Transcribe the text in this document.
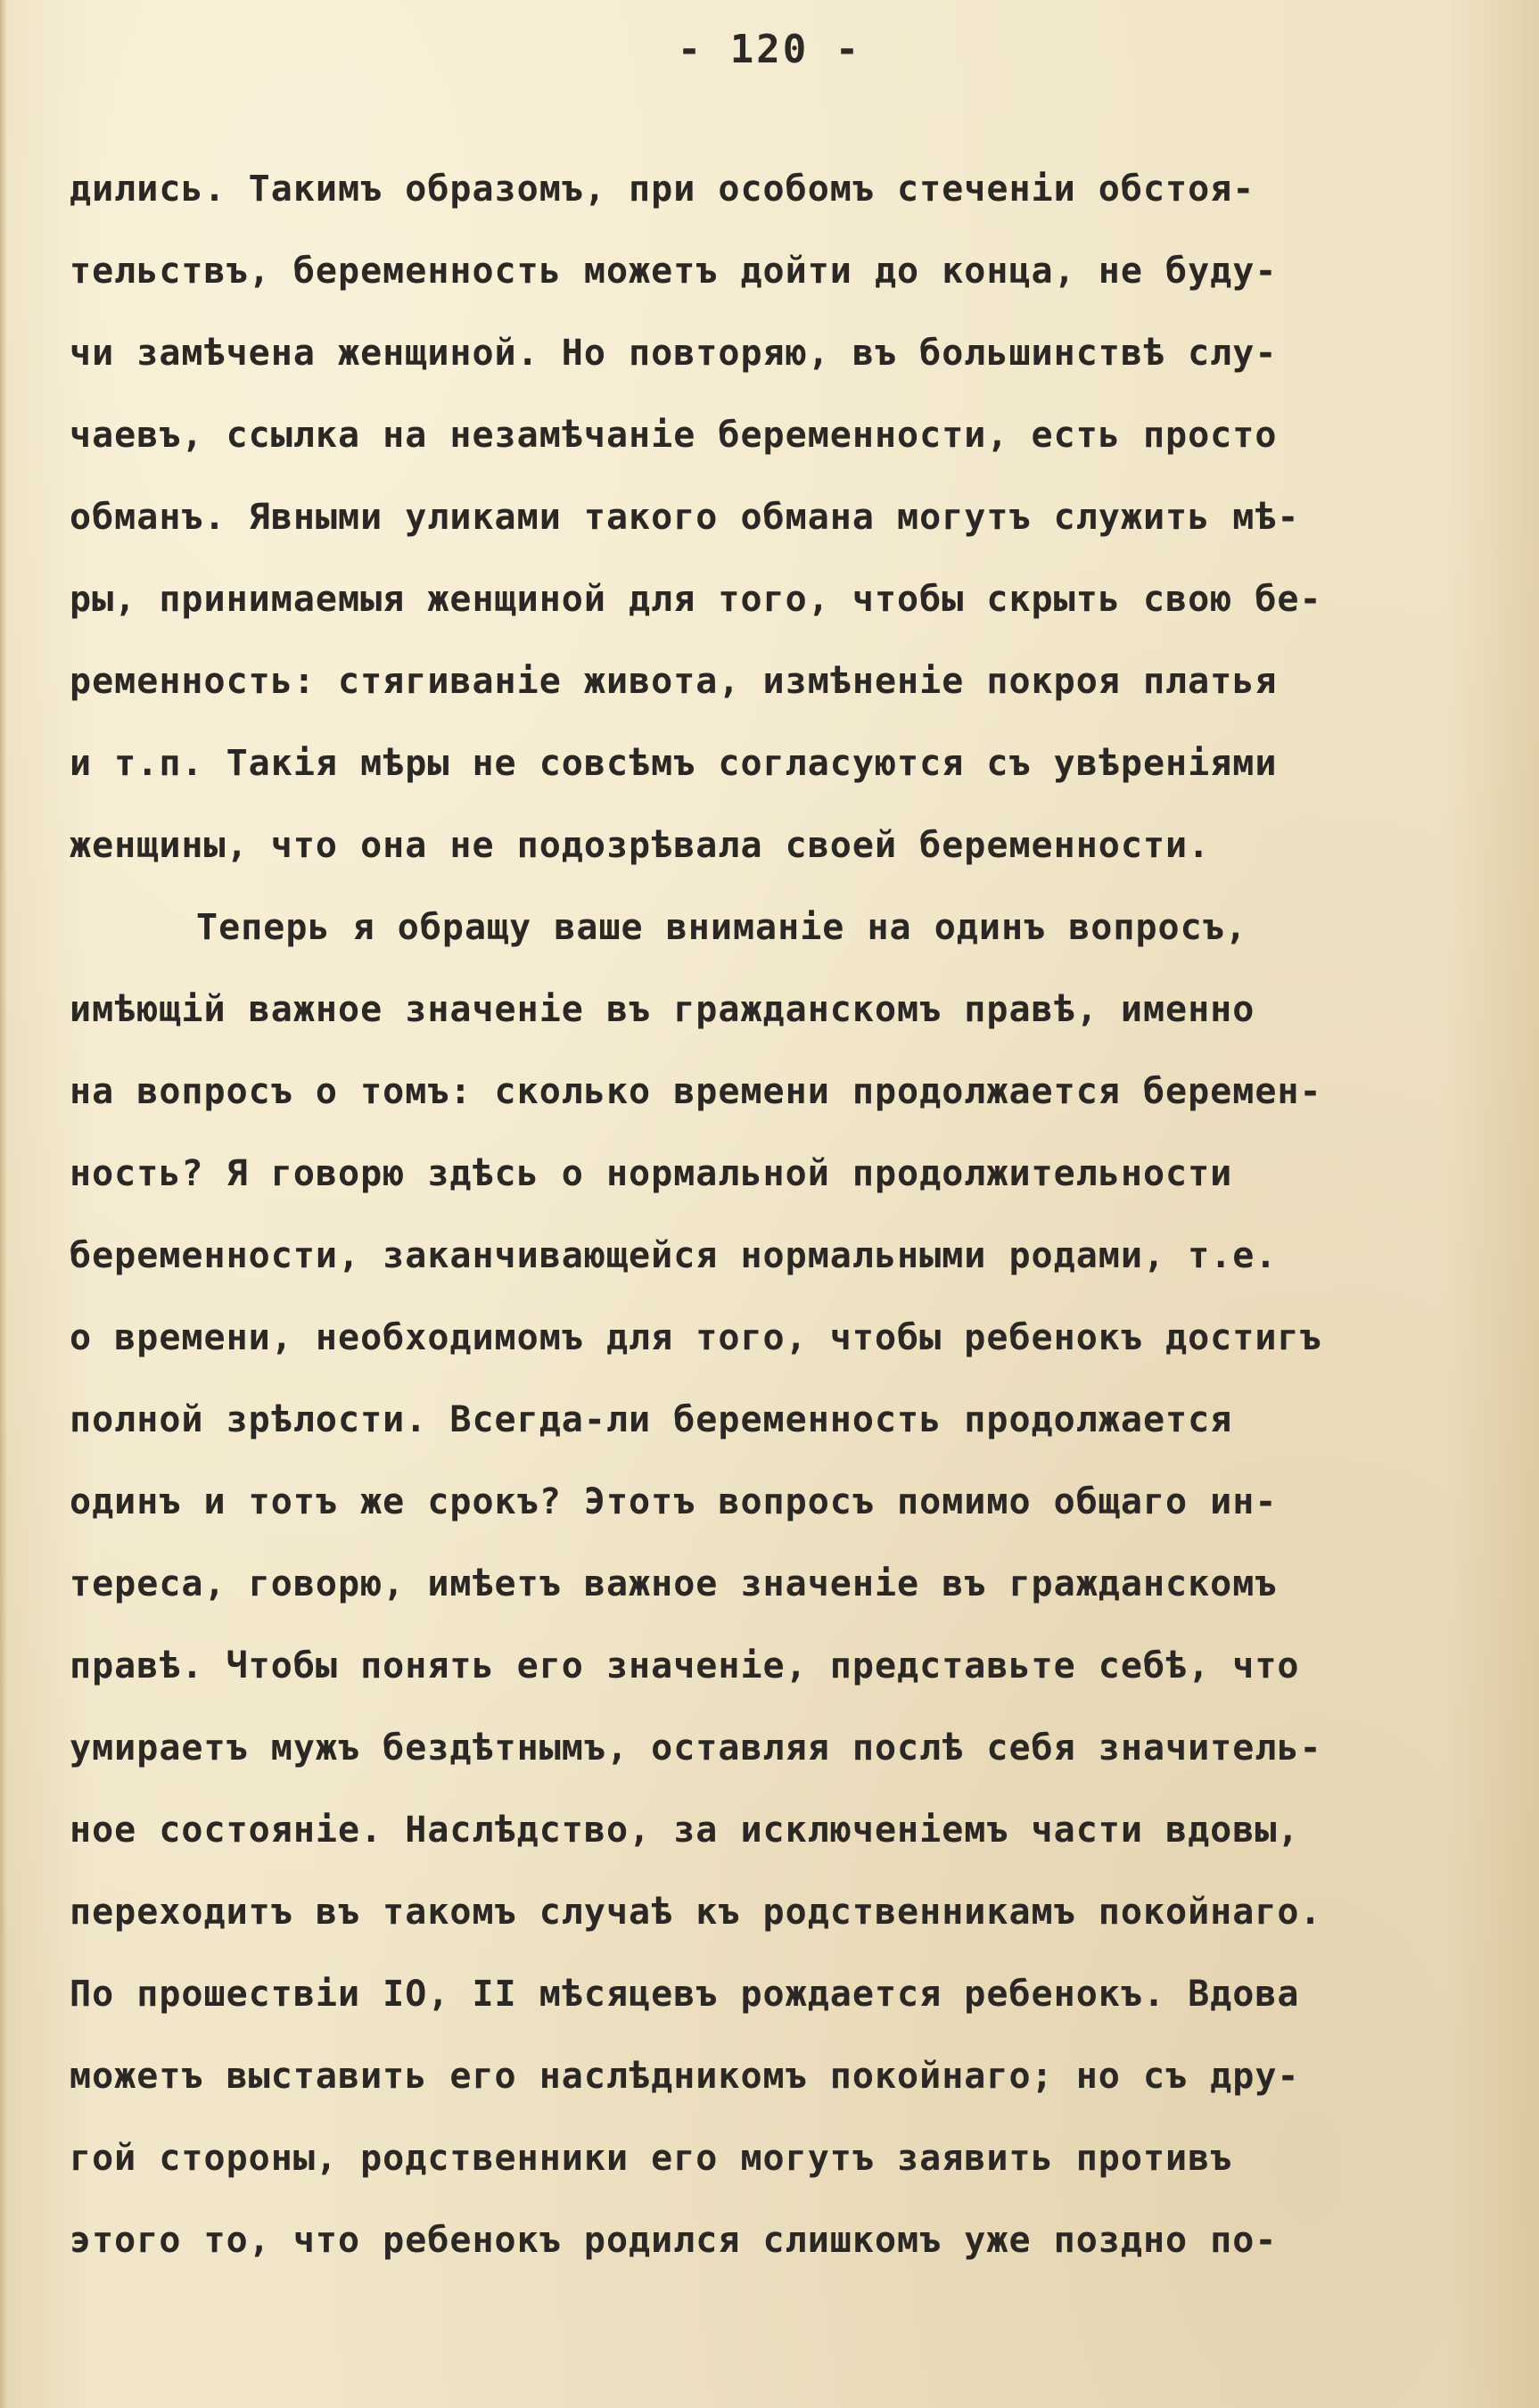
- 120 -
дились. Такимъ образомъ, при особомъ стеченiи обстоя-
тельствъ, беременность можетъ дойти до конца, не буду-
чи замѣчена женщиной. Но повторяю, въ большинствѣ слу-
чаевъ, ссылка на незамѣчанiе беременности, есть просто
обманъ. Явными уликами такого обмана могутъ служить мѣ-
ры, принимаемыя женщиной для того, чтобы скрыть свою бе-
ременность: стягиванiе живота, измѣненiе покроя платья
и т.п. Такiя мѣры не совсѣмъ согласуются съ увѣренiями
женщины, что она не подозрѣвала своей беременности.
Теперь я обращу ваше вниманiе на одинъ вопросъ,
имѣющiй важное значенiе въ гражданскомъ правѣ, именно
на вопросъ о томъ: сколько времени продолжается беремен-
ность? Я говорю здѣсь о нормальной продолжительности
беременности, заканчивающейся нормальными родами, т.е.
о времени, необходимомъ для того, чтобы ребенокъ достигъ
полной зрѣлости. Всегда-ли беременность продолжается
одинъ и тотъ же срокъ? Этотъ вопросъ помимо общаго ин-
тереса, говорю, имѣетъ важное значенiе въ гражданскомъ
правѣ. Чтобы понять его значенiе, представьте себѣ, что
умираетъ мужъ бездѣтнымъ, оставляя послѣ себя значитель-
ное состоянiе. Наслѣдство, за исключенiемъ части вдовы,
переходитъ въ такомъ случаѣ къ родственникамъ покойнаго.
По прошествiи IO, II мѣсяцевъ рождается ребенокъ. Вдова
можетъ выставить его наслѣдникомъ покойнаго; но съ дру-
гой стороны, родственники его могутъ заявить противъ
этого то, что ребенокъ родился слишкомъ уже поздно по-
